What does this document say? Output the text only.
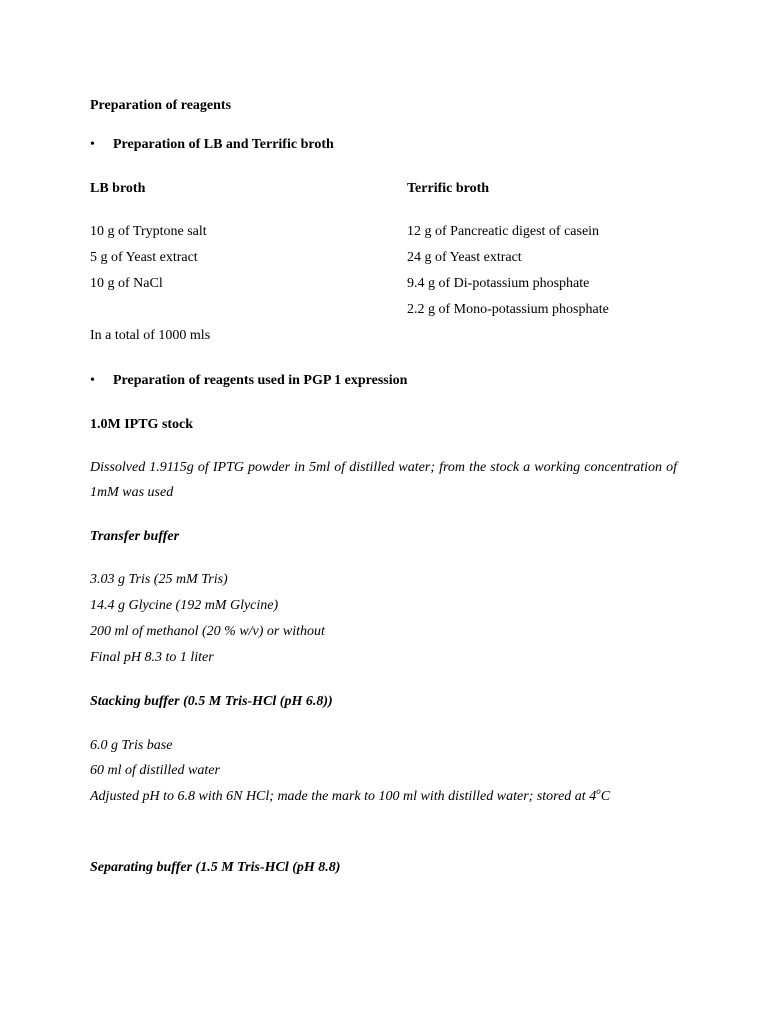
Preparation of reagents
• Preparation of LB and Terrific broth
LB broth	Terrific broth
10 g of Tryptone salt
5 g of Yeast extract
10 g of NaCl
12 g of Pancreatic digest of casein
24 g of Yeast extract
9.4 g of Di-potassium phosphate
2.2 g of Mono-potassium phosphate
In a total of 1000 mls
• Preparation of reagents used in PGP 1 expression
1.0M IPTG stock
Dissolved 1.9115g of IPTG powder in 5ml of distilled water; from the stock a working concentration of 1mM was used
Transfer buffer
3.03 g Tris (25 mM Tris)
14.4 g Glycine (192 mM Glycine)
200 ml of methanol (20 % w/v) or without
Final pH 8.3 to 1 liter
Stacking buffer (0.5 M Tris-HCl (pH 6.8))
6.0 g Tris base
60 ml of distilled water
Adjusted pH to 6.8 with 6N HCl; made the mark to 100 ml with distilled water; stored at 4$^o$C
Separating buffer (1.5 M Tris-HCl (pH 8.8)
